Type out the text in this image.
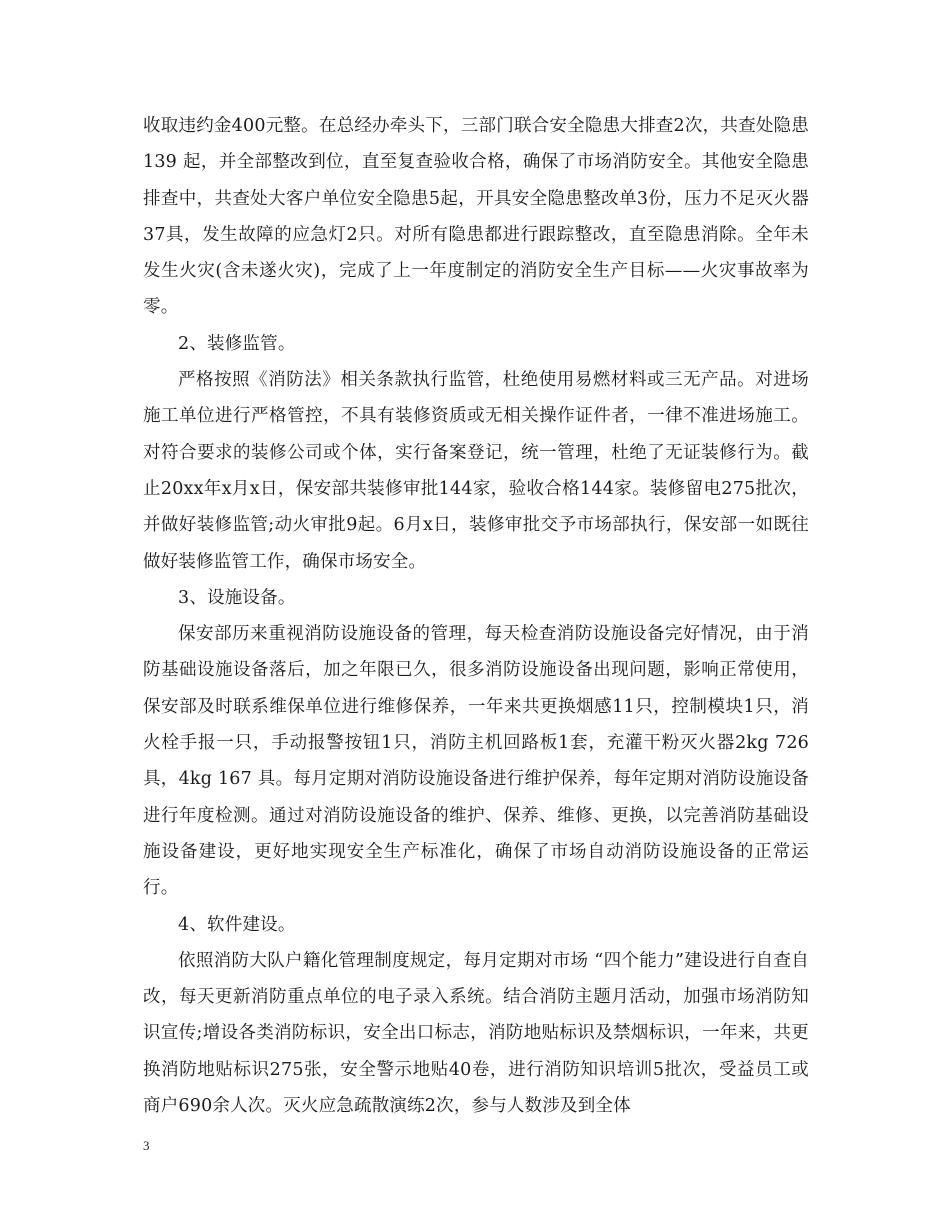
收取违约金400元整。在总经办牵头下，三部门联合安全隐患大排查2次，共查处隐患 139 起，并全部整改到位，直至复查验收合格，确保了市场消防安全。其他安全隐患排查中，共查处大客户单位安全隐患5起，开具安全隐患整改单3份，压力不足灭火器37具，发生故障的应急灯2只。对所有隐患都进行跟踪整改，直至隐患消除。全年未发生火灾(含未遂火灾)，完成了上一年度制定的消防安全生产目标——火灾事故率为零。

2、装修监管。

严格按照《消防法》相关条款执行监管，杜绝使用易燃材料或三无产品。对进场施工单位进行严格管控，不具有装修资质或无相关操作证件者，一律不准进场施工。对符合要求的装修公司或个体，实行备案登记，统一管理，杜绝了无证装修行为。截止20xx年x月x日，保安部共装修审批144家，验收合格144家。装修留电275批次，并做好装修监管;动火审批9起。6月x日，装修审批交予市场部执行，保安部一如既往做好装修监管工作，确保市场安全。

3、设施设备。

保安部历来重视消防设施设备的管理，每天检查消防设施设备完好情况，由于消防基础设施设备落后，加之年限已久，很多消防设施设备出现问题，影响正常使用，保安部及时联系维保单位进行维修保养，一年来共更换烟感11只，控制模块1只，消火栓手报一只，手动报警按钮1只，消防主机回路板1套，充灌干粉灭火器2kg 726 具，4kg 167 具。每月定期对消防设施设备进行维护保养，每年定期对消防设施设备进行年度检测。通过对消防设施设备的维护、保养、维修、更换，以完善消防基础设施设备建设，更好地实现安全生产标准化，确保了市场自动消防设施设备的正常运行。

4、软件建设。

依照消防大队户籍化管理制度规定，每月定期对市场 “四个能力”建设进行自查自改，每天更新消防重点单位的电子录入系统。结合消防主题月活动，加强市场消防知识宣传;增设各类消防标识，安全出口标志，消防地贴标识及禁烟标识，一年来，共更换消防地贴标识275张，安全警示地贴40卷，进行消防知识培训5批次，受益员工或商户690余人次。灭火应急疏散演练2次，参与人数涉及到全体

3
